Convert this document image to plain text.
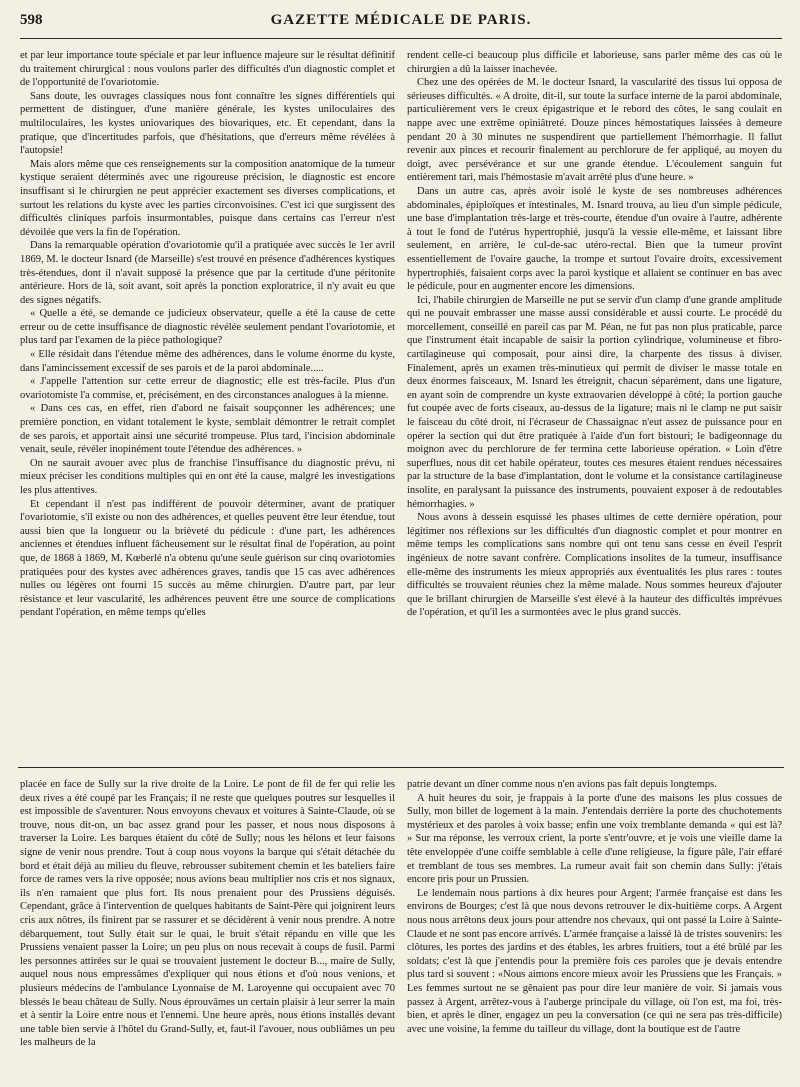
598	GAZETTE MÉDICALE DE PARIS.

et par leur importance toute spéciale et par leur influence majeure sur le résultat définitif du traitement chirurgical : nous voulons parler des difficultés d'un diagnostic complet et de l'opportunité de l'ovariotomie.

Sans doute, les ouvrages classiques nous font connaître les signes différentiels qui permettent de distinguer, d'une manière générale, les kystes uniloculaires des multiloculaires, les kystes uniovariques des biovariques, etc. Et cependant, dans la pratique, que d'incertitudes parfois, que d'hésitations, que d'erreurs même révélées à l'autopsie!

Mais alors même que ces renseignements sur la composition anatomique de la tumeur kystique seraient déterminés avec une rigoureuse précision, le diagnostic est encore insuffisant si le chirurgien ne peut apprécier exactement ses diverses complications, et surtout les relations du kyste avec les parties circonvoisines. C'est ici que surgissent des difficultés cliniques parfois insurmontables, puisque dans certains cas l'erreur n'est dévoilée que vers la fin de l'opération.

Dans la remarquable opération d'ovariotomie qu'il a pratiquée avec succès le 1er avril 1869, M. le docteur Isnard (de Marseille) s'est trouvé en présence d'adhérences kystiques très-étendues, dont il n'avait supposé la présence que par la certitude d'une péritonite antérieure. Hors de là, soit avant, soit après la ponction exploratrice, il n'y avait eu que des signes négatifs.

« Quelle a été, se demande ce judicieux observateur, quelle a été la cause de cette erreur ou de cette insuffisance de diagnostic révélée seulement pendant l'ovariotomie, et plus tard par l'examen de la pièce pathologique?

« Elle résidait dans l'étendue même des adhérences, dans le volume énorme du kyste, dans l'amincissement excessif de ses parois et de la paroi abdominale.....

« J'appelle l'attention sur cette erreur de diagnostic; elle est très-facile. Plus d'un ovariotomiste l'a commise, et, précisément, en des circonstances analogues à la mienne.

« Dans ces cas, en effet, rien d'abord ne faisait soupçonner les adhérences; une première ponction, en vidant totalement le kyste, semblait démontrer le retrait complet de ses parois, et apportait ainsi une sécurité trompeuse. Plus tard, l'incision abdominale venait, seule, révéler inopinément toute l'étendue des adhérences. »

On ne saurait avouer avec plus de franchise l'insuffisance du diagnostic prévu, ni mieux préciser les conditions multiples qui en ont été la cause, malgré les investigations les plus attentives.

Et cependant il n'est pas indifférent de pouvoir déterminer, avant de pratiquer l'ovariotomie, s'il existe ou non des adhérences, et quelles peuvent être leur étendue, tout aussi bien que la longueur ou la brièveté du pédicule : d'une part, les adhérences anciennes et étendues influent fâcheusement sur le résultat final de l'opération, au point que, de 1868 à 1869, M. Kœberlé n'a obtenu qu'une seule guérison sur cinq ovariotomies pratiquées pour des kystes avec adhérences graves, tandis que 15 cas avec adhérences nulles ou légères ont fourni 15 succès au même chirurgien. D'autre part, par leur résistance et leur vascularité, les adhérences peuvent être une source de complications pendant l'opération, en même temps qu'elles

rendent celle-ci beaucoup plus difficile et laborieuse, sans parler même des cas où le chirurgien a dû la laisser inachevée.

Chez une des opérées de M. le docteur Isnard, la vascularité des tissus lui opposa de sérieuses difficultés. « A droite, dit-il, sur toute la surface interne de la paroi abdominale, particulièrement vers le creux épigastrique et le rebord des côtes, le sang coulait en nappe avec une extrême opiniâtreté. Douze pinces hémostatiques laissées à demeure pendant 20 à 30 minutes ne suspendirent que partiellement l'hémorrhagie. Il fallut revenir aux pinces et recourir finalement au perchlorure de fer appliqué, au moyen du doigt, avec persévérance et sur une grande étendue. L'écoulement sanguin fut entièrement tari, mais l'hémostasie m'avait arrêté plus d'une heure. »

Dans un autre cas, après avoir isolé le kyste de ses nombreuses adhérences abdominales, épiploïques et intestinales, M. Isnard trouva, au lieu d'un simple pédicule, une base d'implantation très-large et très-courte, étendue d'un ovaire à l'autre, adhérente à tout le fond de l'utérus hypertrophié, jusqu'à la vessie elle-même, et laissant libre seulement, en arrière, le cul-de-sac utéro-rectal. Bien que la tumeur provînt essentiellement de l'ovaire gauche, la trompe et surtout l'ovaire droits, excessivement hypertrophiés, faisaient corps avec la paroi kystique et allaient se continuer en bas avec le pédicule, pour en augmenter encore les dimensions.

Ici, l'habile chirurgien de Marseille ne put se servir d'un clamp d'une grande amplitude qui ne pouvait embrasser une masse aussi considérable et aussi courte. Le procédé du morcellement, conseillé en pareil cas par M. Péan, ne fut pas non plus praticable, parce que l'instrument était incapable de saisir la portion cylindrique, volumineuse et fibro-cartilagineuse qui composait, pour ainsi dire, la charpente des tissus à diviser. Finalement, après un examen très-minutieux qui permit de diviser le masse totale en deux énormes faisceaux, M. Isnard les étreignit, chacun séparément, dans une ligature, en ayant soin de comprendre un kyste extraovarien développé à côté; la portion gauche fut coupée avec de forts ciseaux, au-dessus de la ligature; mais ni le clamp ne put saisir le faisceau du côté droit, ni l'écraseur de Chassaignac n'eut assez de puissance pour en opérer la section qui dut être pratiquée à l'aide d'un fort bistouri; le badigeonnage du moignon avec du perchlorure de fer termina cette laborieuse opération. « Loin d'être superflues, nous dit cet habile opérateur, toutes ces mesures étaient rendues nécessaires par la structure de la base d'implantation, dont le volume et la consistance cartilagineuse insolite, en paralysant la puissance des instruments, pouvaient exposer à de redoutables hémorrhagies. »

Nous avons à dessein esquissé les phases ultimes de cette dernière opération, pour légitimer nos réflexions sur les difficultés d'un diagnostic complet et pour montrer en même temps les complications sans nombre qui ont tenu sans cesse en éveil l'esprit ingénieux de notre savant confrère. Complications insolites de la tumeur, insuffisance elle-même des instruments les mieux appropriés aux éventualités les plus rares : toutes difficultés se trouvaient réunies chez la même malade. Nous sommes heureux d'ajouter que le brillant chirurgien de Marseille s'est élevé à la hauteur des difficultés imprévues de l'opération, et qu'il les a surmontées avec le plus grand succès.

placée en face de Sully sur la rive droite de la Loire. Le pont de fil de fer qui relie les deux rives a été coupé par les Français; il ne reste que quelques poutres sur lesquelles il est impossible de s'aventurer. Nous envoyons chevaux et voitures à Sainte-Claude, où se trouve, nous dit-on, un bac assez grand pour les passer, et nous nous disposons à traverser la Loire. Les barques étaient du côté de Sully; nous les hélons et leur faisons signe de venir nous prendre. Tout à coup nous voyons la barque qui s'était détachée du bord et était déjà au milieu du fleuve, rebrousser subitement chemin et les bateliers faire force de rames vers la rive opposée; nous avions beau multiplier nos cris et nos signaux, ils n'en ramaient que plus fort. Ils nous prenaient pour des Prussiens déguisés. Cependant, grâce à l'intervention de quelques habitants de Saint-Père qui joignirent leurs cris aux nôtres, ils finirent par se rassurer et se décidèrent à venir nous prendre. A notre débarquement, tout Sully était sur le quai, le bruit s'était répandu en ville que les Prussiens venaient passer la Loire; un peu plus on nous recevait à coups de fusil. Parmi les personnes attirées sur le quai se trouvaient justement le docteur B..., maire de Sully, auquel nous nous empressâmes d'expliquer qui nous étions et d'où nous venions, et plusieurs médecins de l'ambulance Lyonnaise de M. Laroyenne qui occupaient avec 70 blessés le beau château de Sully. Nous éprouvâmes un certain plaisir à leur serrer la main et à sentir la Loire entre nous et l'ennemi. Une heure après, nous étions installés devant une table bien servie à l'hôtel du Grand-Sully, et, faut-il l'avouer, nous oubliâmes un peu les malheurs de la

patrie devant un dîner comme nous n'en avions pas fait depuis longtemps.

A huit heures du soir, je frappais à la porte d'une des maisons les plus cossues de Sully, mon billet de logement à la main. J'entendais derrière la porte des chuchotements mystérieux et des paroles à voix basse; enfin une voix tremblante demanda « qui est là? » Sur ma réponse, les verroux crient, la porte s'entr'ouvre, et je vois une vieille dame la tête enveloppée d'une coiffe semblable à celle d'une religieuse, la figure pâle, l'air effaré et tremblant de tous ses membres. La rumeur avait fait son chemin dans Sully: j'étais encore pris pour un Prussien.

Le lendemain nous partions à dix heures pour Argent; l'armée française est dans les environs de Bourges; c'est là que nous devons retrouver le dix-huitième corps. A Argent nous nous arrêtons deux jours pour attendre nos chevaux, qui ont passé la Loire à Sainte-Claude et ne sont pas encore arrivés. L'armée française a laissé là de tristes souvenirs: les clôtures, les portes des jardins et des étables, les arbres fruitiers, tout a été brûlé par les soldats; c'est là que j'entendis pour la première fois ces paroles que je devais entendre plus tard si souvent : «Nous aimons encore mieux avoir les Prussiens que les Français. » Les femmes surtout ne se gênaient pas pour dire leur manière de voir. Si jamais vous passez à Argent, arrêtez-vous à l'auberge principale du village, où l'on est, ma foi, très-bien, et après le dîner, engagez un peu la conversation (ce qui ne sera pas très-difficile) avec une voisine, la femme du tailleur du village, dont la boutique est de l'autre
